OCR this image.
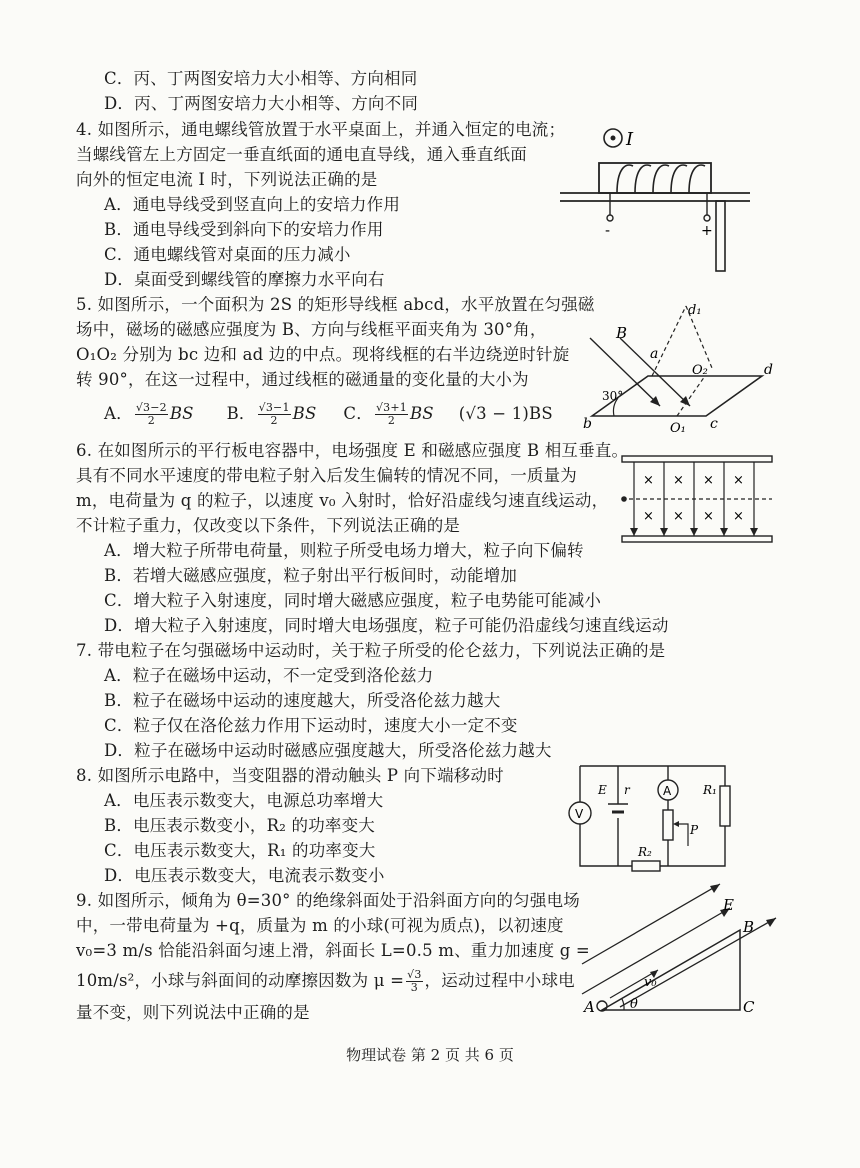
C．丙、丁两图安培力大小相等、方向相同
D．丙、丁两图安培力大小相等、方向不同
4. 如图所示，通电螺线管放置于水平桌面上，并通入恒定的电流；
当螺线管左上方固定一垂直纸面的通电直导线，通入垂直纸面
向外的恒定电流 I 时，下列说法正确的是
A．通电导线受到竖直向上的安培力作用
B．通电导线受到斜向下的安培力作用
C．通电螺线管对桌面的压力减小
D．桌面受到螺线管的摩擦力水平向右
I
-	+
5. 如图所示，一个面积为 2S 的矩形导线框 abcd，水平放置在匀强磁
场中，磁场的磁感应强度为 B、方向与线框平面夹角为 30°角，
O₁O₂ 分别为 bc 边和 ad 边的中点。现将线框的右半边绕逆时针旋
转 90°，在这一过程中，通过线框的磁通量的变化量的大小为
A． $\frac{√3-2}{2}$ BS B． $\frac{√3-1}{2}$ BS C． $\frac{√3+1}{2}$ BS (√3 − 1)BS
B
a
b	c
d
d₁
O₁
O₂
30°
6. 在如图所示的平行板电容器中，电场强度 E 和磁感应强度 B 相互垂直。
具有不同水平速度的带电粒子射入后发生偏转的情况不同，一质量为
m，电荷量为 q 的粒子，以速度 v₀ 入射时，恰好沿虚线匀速直线运动，
不计粒子重力，仅改变以下条件，下列说法正确的是
A．增大粒子所带电荷量，则粒子所受电场力增大，粒子向下偏转
B．若增大磁感应强度，粒子射出平行板间时，动能增加
C．增大粒子入射速度，同时增大磁感应强度，粒子电势能可能减小
D．增大粒子入射速度，同时增大电场强度，粒子可能仍沿虚线匀速直线运动
× × × ×
× × × ×
7. 带电粒子在匀强磁场中运动时，关于粒子所受的伦仑兹力，下列说法正确的是
A．粒子在磁场中运动，不一定受到洛伦兹力
B．粒子在磁场中运动的速度越大，所受洛伦兹力越大
C．粒子仅在洛伦兹力作用下运动时，速度大小一定不变
D．粒子在磁场中运动时磁感应强度越大，所受洛伦兹力越大
8. 如图所示电路中，当变阻器的滑动触头 P 向下端移动时
A．电压表示数变大，电源总功率增大
B．电压表示数变小，R₂ 的功率变大
C．电压表示数变大，R₁ 的功率变大
D．电压表示数变大，电流表示数变小
V
E r	A
P
R₁
R₂
9. 如图所示，倾角为 θ=30° 的绝缘斜面处于沿斜面方向的匀强电场
中，一带电荷量为 +q，质量为 m 的小球(可视为质点)，以初速度
v₀=3 m/s 恰能沿斜面匀速上滑，斜面长 L=0.5 m、重力加速度 g =
10m/s²，小球与斜面间的动摩擦因数为 $\mu = \frac{√3}{3}$ ，运动过程中小球电
量不变，则下列说法中正确的是	A
B
C
E
v₀
θ
物理试卷 第 2 页 共 6 页
